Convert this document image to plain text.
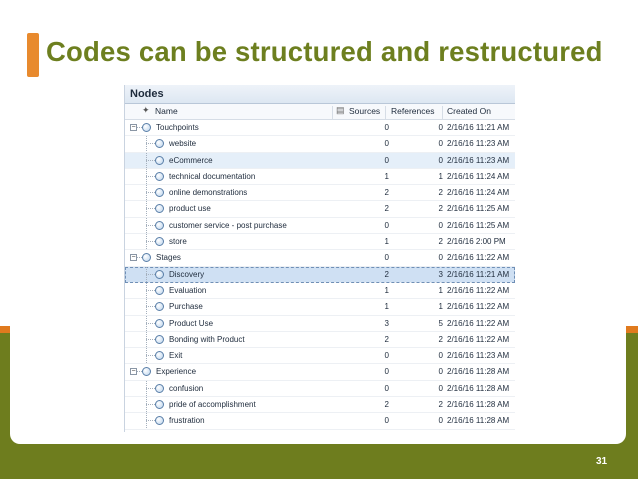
Codes can be structured and restructured
Nodes
✦ Name	▤ Sources References Created On
−	Touchpoints	0	0 2/16/16 11:21 AM
website	0	0 2/16/16 11:23 AM
eCommerce	0	0 2/16/16 11:23 AM
technical documentation	1	1 2/16/16 11:24 AM
online demonstrations	2	2 2/16/16 11:24 AM
product use	2	2 2/16/16 11:25 AM
customer service - post purchase	0	0 2/16/16 11:25 AM
store	1	2 2/16/16 2:00 PM
−	Stages	0	0 2/16/16 11:22 AM
Discovery	2	3 2/16/16 11:21 AM
Evaluation	1	1 2/16/16 11:22 AM
Purchase	1	1 2/16/16 11:22 AM
Product Use	3	5 2/16/16 11:22 AM
Bonding with Product	2	2 2/16/16 11:22 AM
Exit	0	0 2/16/16 11:23 AM
−	Experience	0	0 2/16/16 11:28 AM
confusion	0	0 2/16/16 11:28 AM
pride of accomplishment	2	2 2/16/16 11:28 AM
frustration	0	0 2/16/16 11:28 AM
31
